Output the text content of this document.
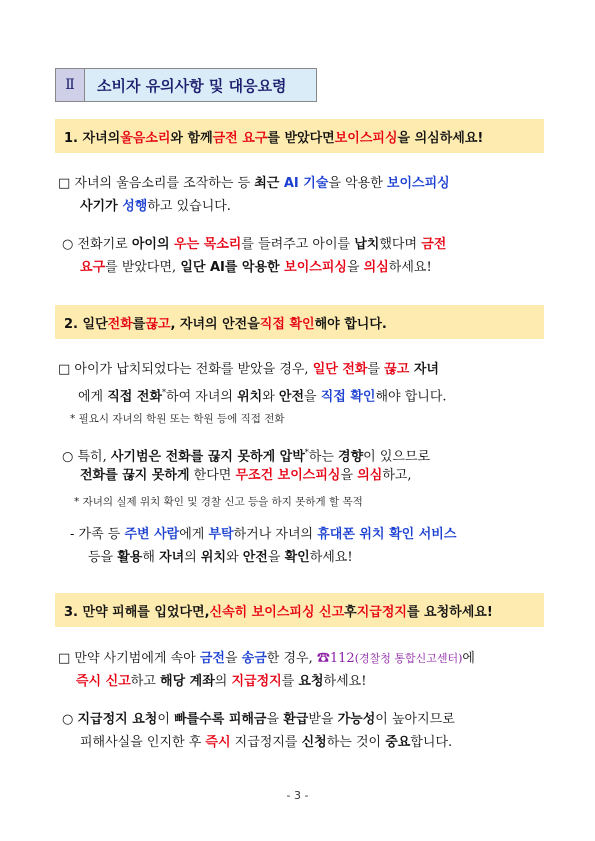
Ⅱ	소비자 유의사항 및 대응요령
1. 자녀의 울음소리 와 함께 금전 요구 를 받았다면 보이스피싱 을 의심하세요!
□ 자녀의 울음소리를 조작하는 등 최근 AI 기술을 악용한 보이스피싱
사기가 성행하고 있습니다.
○ 전화기로 아이의 우는 목소리를 들려주고 아이를 납치했다며 금전
요구를 받았다면, 일단 AI를 악용한 보이스피싱을 의심하세요!
2. 일단 전화 를 끊고 , 자녀의 안전을 직접 확인 해야 합니다.
□ 아이가 납치되었다는 전화를 받았을 경우, 일단 전화를 끊고 자녀
에게 직접 전화*하여 자녀의 위치와 안전을 직접 확인해야 합니다.
* 필요시 자녀의 학원 또는 학원 등에 직접 전화
○ 특히, 사기범은 전화를 끊지 못하게 압박*하는 경향이 있으므로
전화를 끊지 못하게 한다면 무조건 보이스피싱을 의심하고,
* 자녀의 실제 위치 확인 및 경찰 신고 등을 하지 못하게 할 목적
- 가족 등 주변 사람에게 부탁하거나 자녀의 휴대폰 위치 확인 서비스
등을 활용해 자녀의 위치와 안전을 확인하세요!
3. 만약 피해를 입었다면, 신속히 보이스피싱 신고 후 지급정지 를 요청하세요!
□ 만약 사기범에게 속아 금전을 송금한 경우, ☎112(경찰청 통합신고센터)에
즉시 신고하고 해당 계좌의 지급정지를 요청하세요!
○ 지급정지 요청이 빠를수록 피해금을 환급받을 가능성이 높아지므로
피해사실을 인지한 후 즉시 지급정지를 신청하는 것이 중요합니다.
- 3 -
